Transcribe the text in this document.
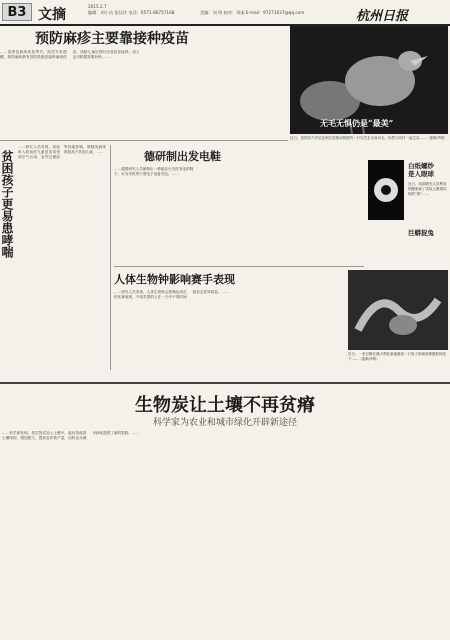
B3 文摘
2015.2.7
编辑：胡小洁 张佳玲 电话：0571-86757168	美编：刘 明 校对：刘丽 E-mail：97271637@qq.com	杭州日报
预防麻疹主要靠接种疫苗
……春季是麻疹高发季节，疾控专家提醒，预防麻疹最有效的措施是接种麻疹疫苗。适龄儿童应按时完成疫苗接种，成人也可根据需要补种。……
无毛无惧仍是“最美”
近日，美国宾夕法尼亚州匹兹堡动物园内一只鸟失去全身羽毛，仍然与同伴一起生活……（据新华网）
贫困孩子更易患哮喘
……研究人员发现，家庭收入较低的儿童更容易受到空气污染、室内过敏原等因素影响，哮喘发病率明显高于其他儿童。……	德研制出发电鞋
……德国研究人员研制出一种能在行走时发电的鞋子，可为手机等小型电子设备充电。……
白纸螺纱
是人眼球
近日，英国研究人员利用细胞制成了类似人眼球结构的“纸”……
巨蟒捉兔
人体生物钟影响赛手表现
……研究人员发现，人体生物钟会影响运动员的比赛表现，不同类型的人在一天中不同时间段状态差异明显。……
近日，一条巨蟒在澳大利亚某地捕食一只兔子的画面被摄影师拍下……（据新华网）
生物炭让土壤不再贫瘠
科学家为农业和城市绿化开辟新途径
……科学家发现，将生物炭加入土壤中，能有效改善土壤结构，增加肥力，提高农作物产量，同时也为城市绿化提供了新的思路。……
